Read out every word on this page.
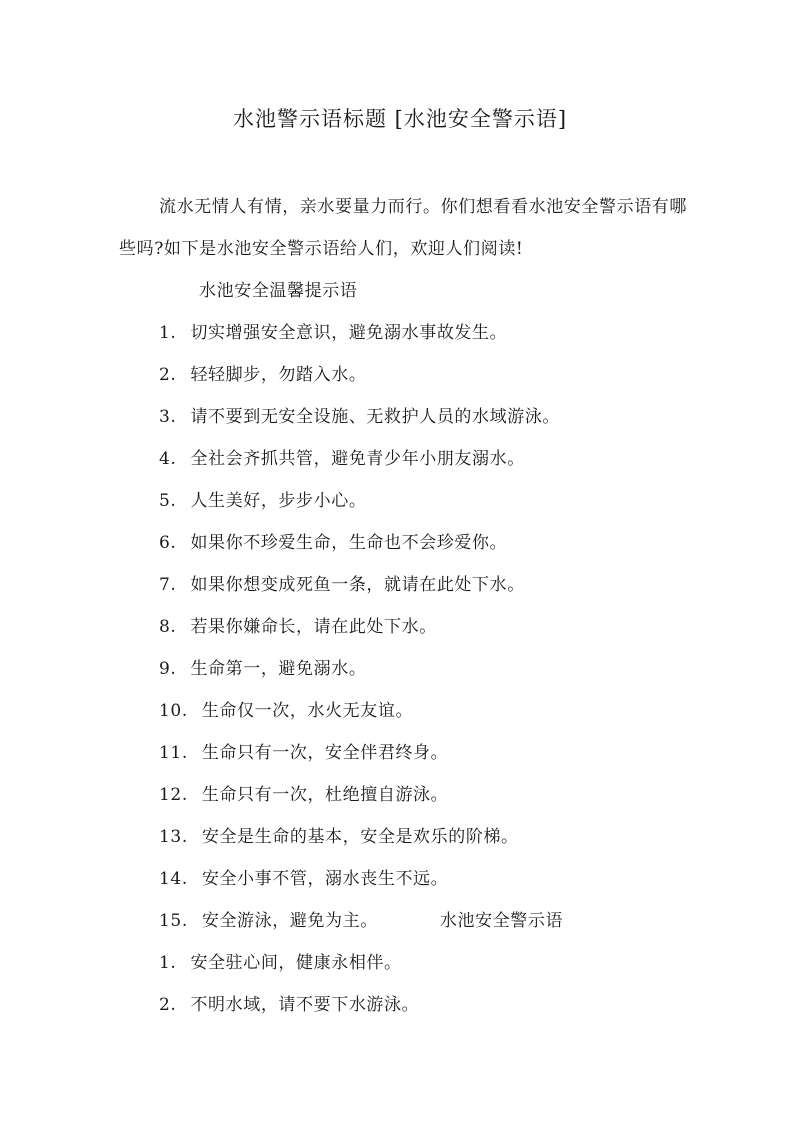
水池警示语标题 [水池安全警示语]
流水无情人有情，亲水要量力而行。你们想看看水池安全警示语有哪些吗?如下是水池安全警示语给人们，欢迎人们阅读!
水池安全温馨提示语
1. 切实增强安全意识，避免溺水事故发生。
2. 轻轻脚步，勿踏入水。
3. 请不要到无安全设施、无救护人员的水域游泳。
4. 全社会齐抓共管，避免青少年小朋友溺水。
5. 人生美好，步步小心。
6. 如果你不珍爱生命，生命也不会珍爱你。
7. 如果你想变成死鱼一条，就请在此处下水。
8. 若果你嫌命长，请在此处下水。
9. 生命第一，避免溺水。
10. 生命仅一次，水火无友谊。
11. 生命只有一次，安全伴君终身。
12. 生命只有一次，杜绝擅自游泳。
13. 安全是生命的基本，安全是欢乐的阶梯。
14. 安全小事不管，溺水丧生不远。
15. 安全游泳，避免为主。	水池安全警示语
1. 安全驻心间，健康永相伴。
2. 不明水域，请不要下水游泳。
